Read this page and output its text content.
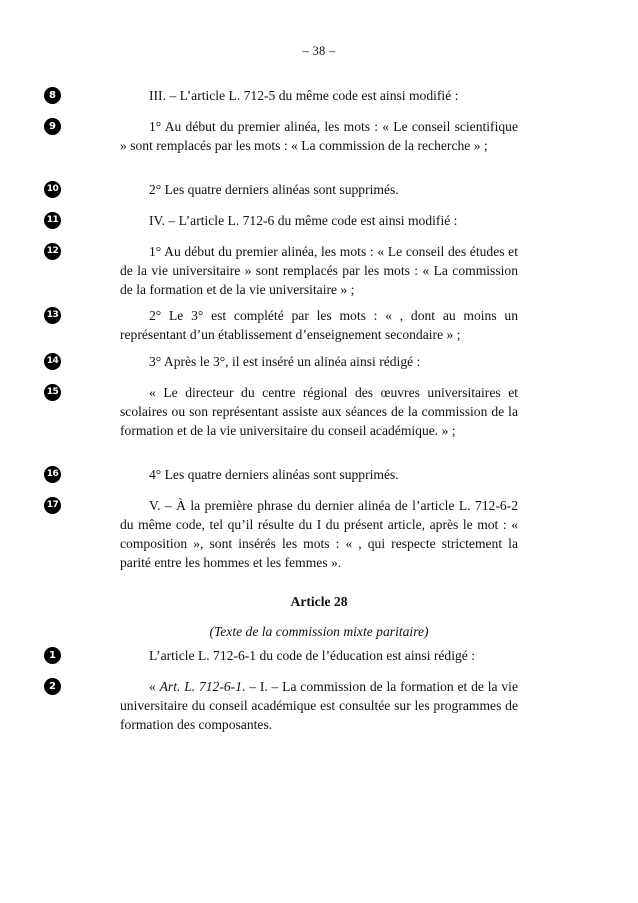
– 38 –
8
9
10
11
12
13
14
15
16
17
1
2
III. – L’article L. 712-5 du même code est ainsi modifié :
1° Au début du premier alinéa, les mots : « Le conseil scientifique » sont remplacés par les mots : « La commission de la recherche » ;
2° Les quatre derniers alinéas sont supprimés.
IV. – L’article L. 712-6 du même code est ainsi modifié :
1° Au début du premier alinéa, les mots : « Le conseil des études et de la vie universitaire » sont remplacés par les mots : « La commission de la formation et de la vie universitaire » ;
2° Le 3° est complété par les mots : « , dont au moins un représentant d’un établissement d’enseignement secondaire » ;
3° Après le 3°, il est inséré un alinéa ainsi rédigé :
« Le directeur du centre régional des œuvres universitaires et scolaires ou son représentant assiste aux séances de la commission de la formation et de la vie universitaire du conseil académique. » ;
4° Les quatre derniers alinéas sont supprimés.
V. – À la première phrase du dernier alinéa de l’article L. 712-6-2 du même code, tel qu’il résulte du I du présent article, après le mot : « composition », sont insérés les mots : « , qui respecte strictement la parité entre les hommes et les femmes ».
Article 28
(Texte de la commission mixte paritaire)
L’article L. 712-6-1 du code de l’éducation est ainsi rédigé :
« Art. L. 712-6-1. – I. – La commission de la formation et de la vie universitaire du conseil académique est consultée sur les programmes de formation des composantes.
